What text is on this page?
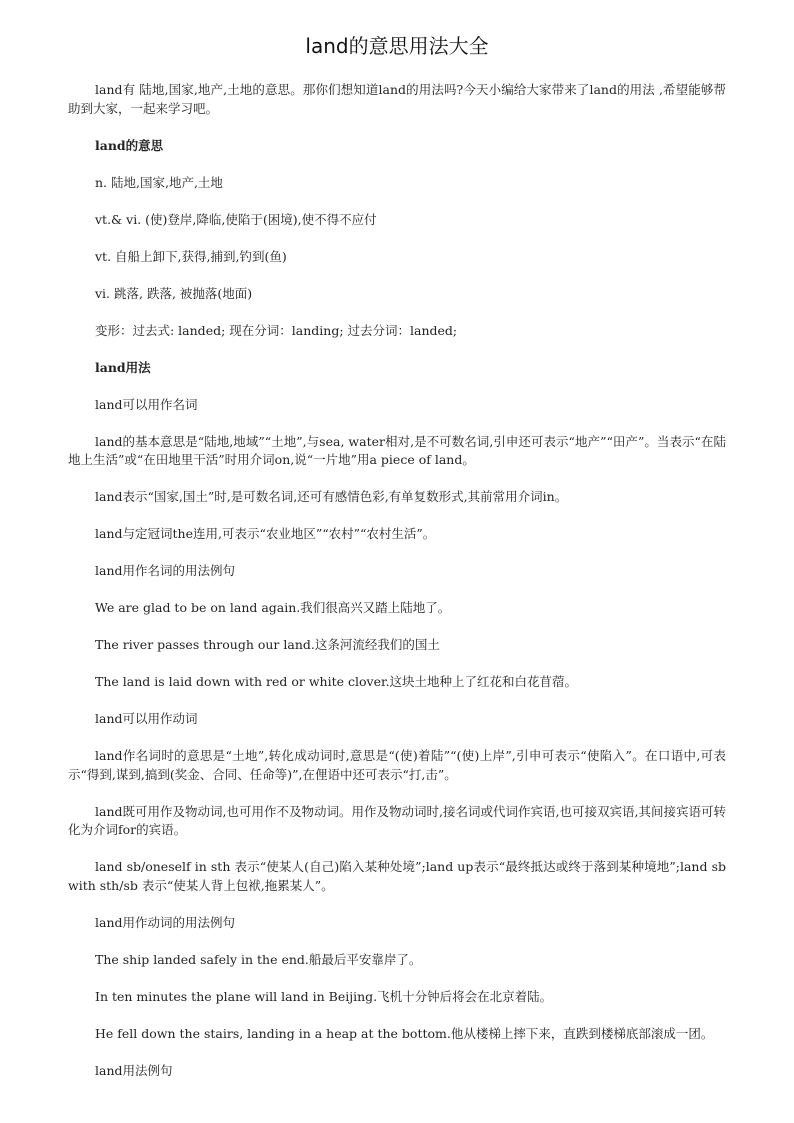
land的意思用法大全

land有 陆地,国家,地产,土地的意思。那你们想知道land的用法吗?今天小编给大家带来了land的用法 ,希望能够帮助到大家，一起来学习吧。

land的意思

n. 陆地,国家,地产,土地

vt.& vi. (使)登岸,降临,使陷于(困境),使不得不应付

vt. 自船上卸下,获得,捕到,钓到(鱼)

vi. 跳落, 跌落, 被抛落(地面)

变形：过去式: landed; 现在分词：landing; 过去分词：landed;

land用法

land可以用作名词

land的基本意思是“陆地,地域”“土地”,与sea, water相对,是不可数名词,引申还可表示“地产”“田产”。当表示“在陆地上生活”或“在田地里干活”时用介词on,说“一片地”用a piece of land。

land表示“国家,国土”时,是可数名词,还可有感情色彩,有单复数形式,其前常用介词in。

land与定冠词the连用,可表示“农业地区”“农村”“农村生活”。

land用作名词的用法例句

We are glad to be on land again.我们很高兴又踏上陆地了。

The river passes through our land.这条河流经我们的国土

The land is laid down with red or white clover.这块土地种上了红花和白花苜蓿。

land可以用作动词

land作名词时的意思是“土地”,转化成动词时,意思是“(使)着陆”“(使)上岸”,引申可表示“使陷入”。在口语中,可表示“得到,谋到,搞到(奖金、合同、任命等)”,在俚语中还可表示“打,击”。

land既可用作及物动词,也可用作不及物动词。用作及物动词时,接名词或代词作宾语,也可接双宾语,其间接宾语可转化为介词for的宾语。

land sb/oneself in sth 表示“使某人(自己)陷入某种处境”;land up表示“最终抵达或终于落到某种境地”;land sb with sth/sb 表示“使某人背上包袱,拖累某人”。

land用作动词的用法例句

The ship landed safely in the end.船最后平安靠岸了。

In ten minutes the plane will land in Beijing.飞机十分钟后将会在北京着陆。

He fell down the stairs, landing in a heap at the bottom.他从楼梯上摔下来，直跌到楼梯底部滚成一团。

land用法例句
